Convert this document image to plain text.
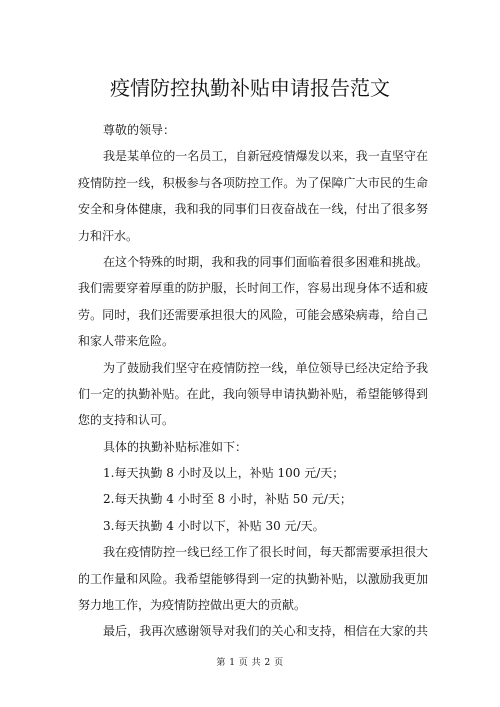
疫情防控执勤补贴申请报告范文
尊敬的领导：
我是某单位的一名员工，自新冠疫情爆发以来，我一直坚守在
疫情防控一线，积极参与各项防控工作。为了保障广大市民的生命
安全和身体健康，我和我的同事们日夜奋战在一线，付出了很多努
力和汗水。
在这个特殊的时期，我和我的同事们面临着很多困难和挑战。
我们需要穿着厚重的防护服，长时间工作，容易出现身体不适和疲
劳。同时，我们还需要承担很大的风险，可能会感染病毒，给自己
和家人带来危险。
为了鼓励我们坚守在疫情防控一线，单位领导已经决定给予我
们一定的执勤补贴。在此，我向领导申请执勤补贴，希望能够得到
您的支持和认可。
具体的执勤补贴标准如下：
1.每天执勤 8 小时及以上，补贴 100 元/天；
2.每天执勤 4 小时至 8 小时，补贴 50 元/天；
3.每天执勤 4 小时以下，补贴 30 元/天。
我在疫情防控一线已经工作了很长时间，每天都需要承担很大
的工作量和风险。我希望能够得到一定的执勤补贴，以激励我更加
努力地工作，为疫情防控做出更大的贡献。
最后，我再次感谢领导对我们的关心和支持，相信在大家的共
第 1 页 共 2 页
